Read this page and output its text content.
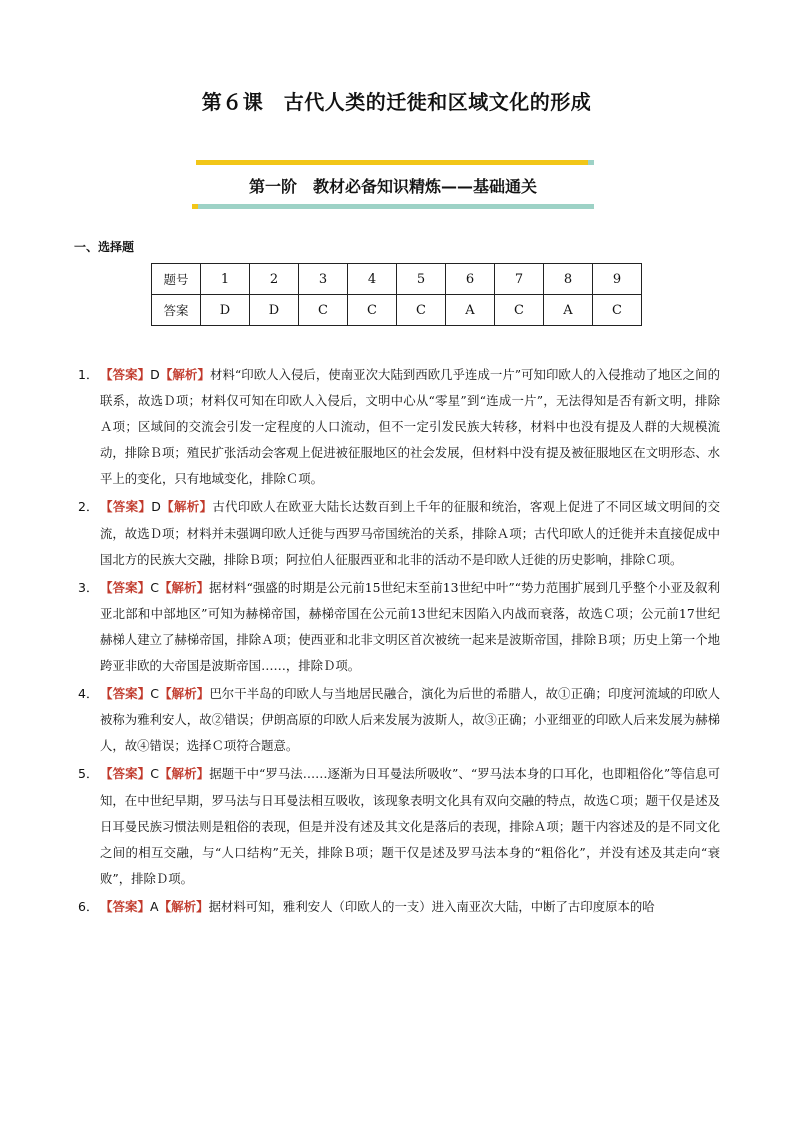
第６课　古代人类的迁徙和区域文化的形成
第一阶　教材必备知识精炼——基础通关
一、选择题
题号	1	2	3	4	5	6	7	8	9
答案	D	D	C	C	C	A	C	A	C
1． 【答案】D【解析】材料“印欧人入侵后，使南亚次大陆到西欧几乎连成一片”可知印欧人的入侵推动了地区之间的联系，故选Ｄ项；材料仅可知在印欧人入侵后，文明中心从“零星”到“连成一片”，无法得知是否有新文明，排除Ａ项；区域间的交流会引发一定程度的人口流动，但不一定引发民族大转移，材料中也没有提及人群的大规模流动，排除Ｂ项；殖民扩张活动会客观上促进被征服地区的社会发展，但材料中没有提及被征服地区在文明形态、水平上的变化，只有地域变化，排除Ｃ项。
2． 【答案】D【解析】古代印欧人在欧亚大陆长达数百到上千年的征服和统治，客观上促进了不同区域文明间的交流，故选Ｄ项；材料并未强调印欧人迁徙与西罗马帝国统治的关系，排除Ａ项；古代印欧人的迁徙并未直接促成中国北方的民族大交融，排除Ｂ项；阿拉伯人征服西亚和北非的活动不是印欧人迁徙的历史影响，排除Ｃ项。
3． 【答案】C【解析】据材料“强盛的时期是公元前15世纪末至前13世纪中叶”“势力范围扩展到几乎整个小亚及叙利亚北部和中部地区”可知为赫梯帝国，赫梯帝国在公元前13世纪末因陷入内战而衰落，故选Ｃ项；公元前17世纪赫梯人建立了赫梯帝国，排除Ａ项；使西亚和北非文明区首次被统一起来是波斯帝国，排除Ｂ项；历史上第一个地跨亚非欧的大帝国是波斯帝国……，排除Ｄ项。
4． 【答案】C【解析】巴尔干半岛的印欧人与当地居民融合，演化为后世的希腊人，故①正确；印度河流域的印欧人被称为雅利安人，故②错误；伊朗高原的印欧人后来发展为波斯人，故③正确；小亚细亚的印欧人后来发展为赫梯人，故④错误；选择Ｃ项符合题意。
5． 【答案】C【解析】据题干中“罗马法……逐渐为日耳曼法所吸收”、“罗马法本身的口耳化，也即粗俗化”等信息可知，在中世纪早期，罗马法与日耳曼法相互吸收，该现象表明文化具有双向交融的特点，故选Ｃ项；题干仅是述及日耳曼民族习惯法则是粗俗的表现，但是并没有述及其文化是落后的表现，排除Ａ项；题干内容述及的是不同文化之间的相互交融，与“人口结构”无关，排除Ｂ项；题干仅是述及罗马法本身的“粗俗化”，并没有述及其走向“衰败”，排除Ｄ项。
6． 【答案】A【解析】据材料可知，雅利安人（印欧人的一支）进入南亚次大陆，中断了古印度原本的哈
